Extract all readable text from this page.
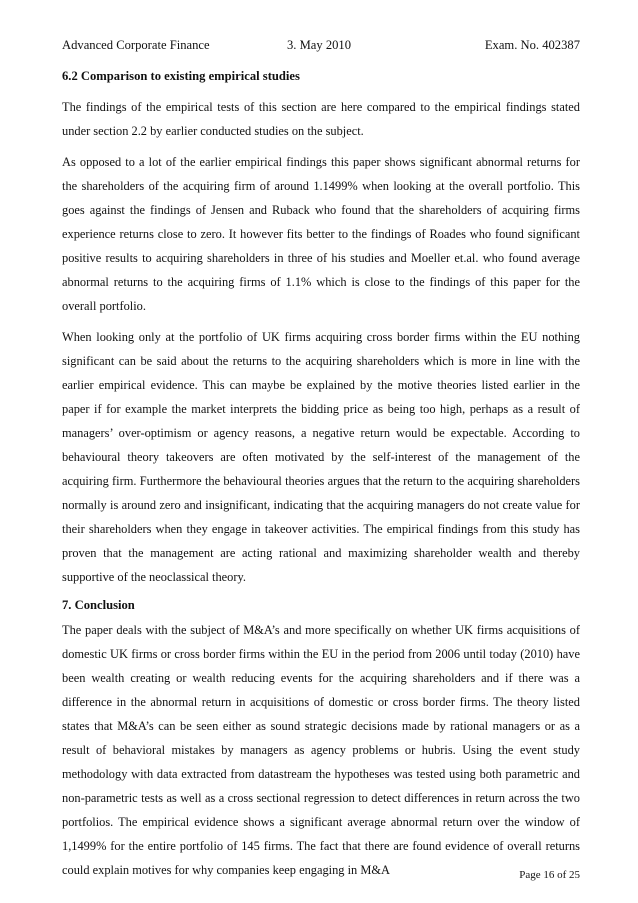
Advanced Corporate Finance	3. May 2010	Exam. No. 402387
6.2 Comparison to existing empirical studies

The findings of the empirical tests of this section are here compared to the empirical findings stated under section 2.2 by earlier conducted studies on the subject.

As opposed to a lot of the earlier empirical findings this paper shows significant abnormal returns for the shareholders of the acquiring firm of around 1.1499% when looking at the overall portfolio. This goes against the findings of Jensen and Ruback who found that the shareholders of acquiring firms experience returns close to zero. It however fits better to the findings of Roades who found significant positive results to acquiring shareholders in three of his studies and Moeller et.al. who found average abnormal returns to the acquiring firms of 1.1% which is close to the findings of this paper for the overall portfolio.

When looking only at the portfolio of UK firms acquiring cross border firms within the EU nothing significant can be said about the returns to the acquiring shareholders which is more in line with the earlier empirical evidence. This can maybe be explained by the motive theories listed earlier in the paper if for example the market interprets the bidding price as being too high, perhaps as a result of managers’ over-optimism or agency reasons, a negative return would be expectable. According to behavioural theory takeovers are often motivated by the self-interest of the management of the acquiring firm. Furthermore the behavioural theories argues that the return to the acquiring shareholders normally is around zero and insignificant, indicating that the acquiring managers do not create value for their shareholders when they engage in takeover activities. The empirical findings from this study has proven that the management are acting rational and maximizing shareholder wealth and thereby supportive of the neoclassical theory.

7. Conclusion

The paper deals with the subject of M&A’s and more specifically on whether UK firms acquisitions of domestic UK firms or cross border firms within the EU in the period from 2006 until today (2010) have been wealth creating or wealth reducing events for the acquiring shareholders and if there was a difference in the abnormal return in acquisitions of domestic or cross border firms. The theory listed states that M&A’s can be seen either as sound strategic decisions made by rational managers or as a result of behavioral mistakes by managers as agency problems or hubris. Using the event study methodology with data extracted from datastream the hypotheses was tested using both parametric and non-parametric tests as well as a cross sectional regression to detect differences in return across the two portfolios. The empirical evidence shows a significant average abnormal return over the window of 1,1499% for the entire portfolio of 145 firms. The fact that there are found evidence of overall returns could explain motives for why companies keep engaging in M&A	Page 16 of 25
